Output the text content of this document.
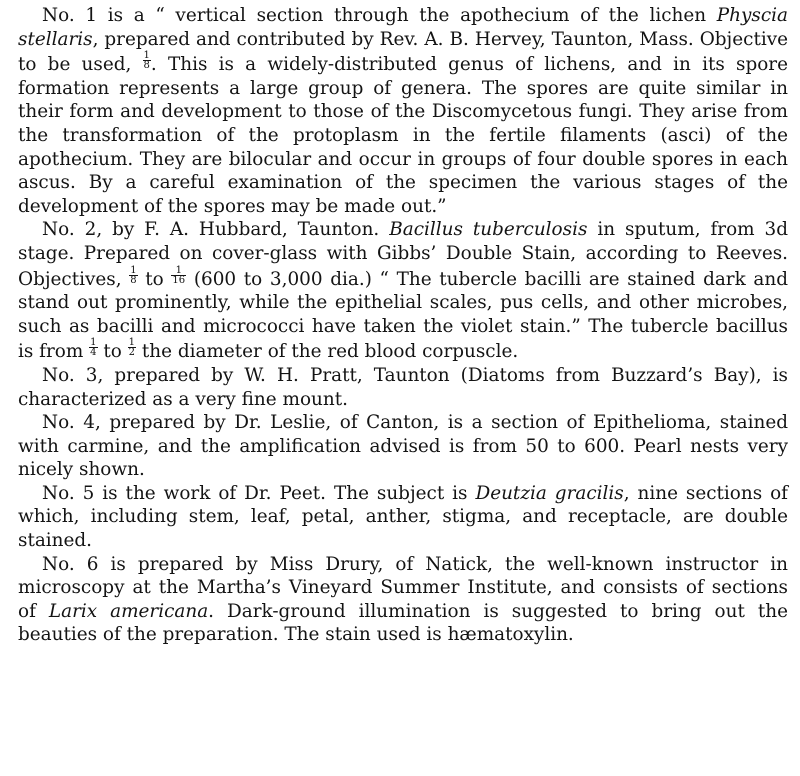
No. 1 is a “ vertical section through the apothecium of the lichen Physcia stellaris, prepared and contributed by Rev. A. B. Hervey, Taunton, Mass. Objective to be used, $\frac{1}{8}$ . This is a widely-distributed genus of lichens, and in its spore formation represents a large group of genera. The spores are quite similar in their form and development to those of the Discomycetous fungi. They arise from the transformation of the protoplasm in the fertile filaments (asci) of the apothecium. They are bilocular and occur in groups of four double spores in each ascus. By a careful examination of the specimen the various stages of the development of the spores may be made out.”

No. 2, by F. A. Hubbard, Taunton. Bacillus tuberculosis in sputum, from 3d stage. Prepared on cover-glass with Gibbs’ Double Stain, according to Reeves. Objectives, $\frac{1}{8}$ to $\frac{1}{16} (600$ to 3,000 dia.) “ The tubercle bacilli are stained dark and stand out prominently, while the epithelial scales, pus cells, and other microbes, such as bacilli and micrococci have taken the violet stain.” The tubercle bacillus is from $\frac{1}{4}$ to $\frac{1}{2}$ the diameter of the red blood corpuscle.

No. 3, prepared by W. H. Pratt, Taunton (Diatoms from Buzzard’s Bay), is characterized as a very fine mount.

No. 4, prepared by Dr. Leslie, of Canton, is a section of Epithelioma, stained with carmine, and the amplification advised is from 50 to 600. Pearl nests very nicely shown.

No. 5 is the work of Dr. Peet. The subject is Deutzia gracilis, nine sections of which, including stem, leaf, petal, anther, stigma, and receptacle, are double stained.

No. 6 is prepared by Miss Drury, of Natick, the well-known instructor in microscopy at the Martha’s Vineyard Summer Institute, and consists of sections of Larix americana. Dark-ground illumination is suggested to bring out the beauties of the preparation. The stain used is hæmatoxylin.
